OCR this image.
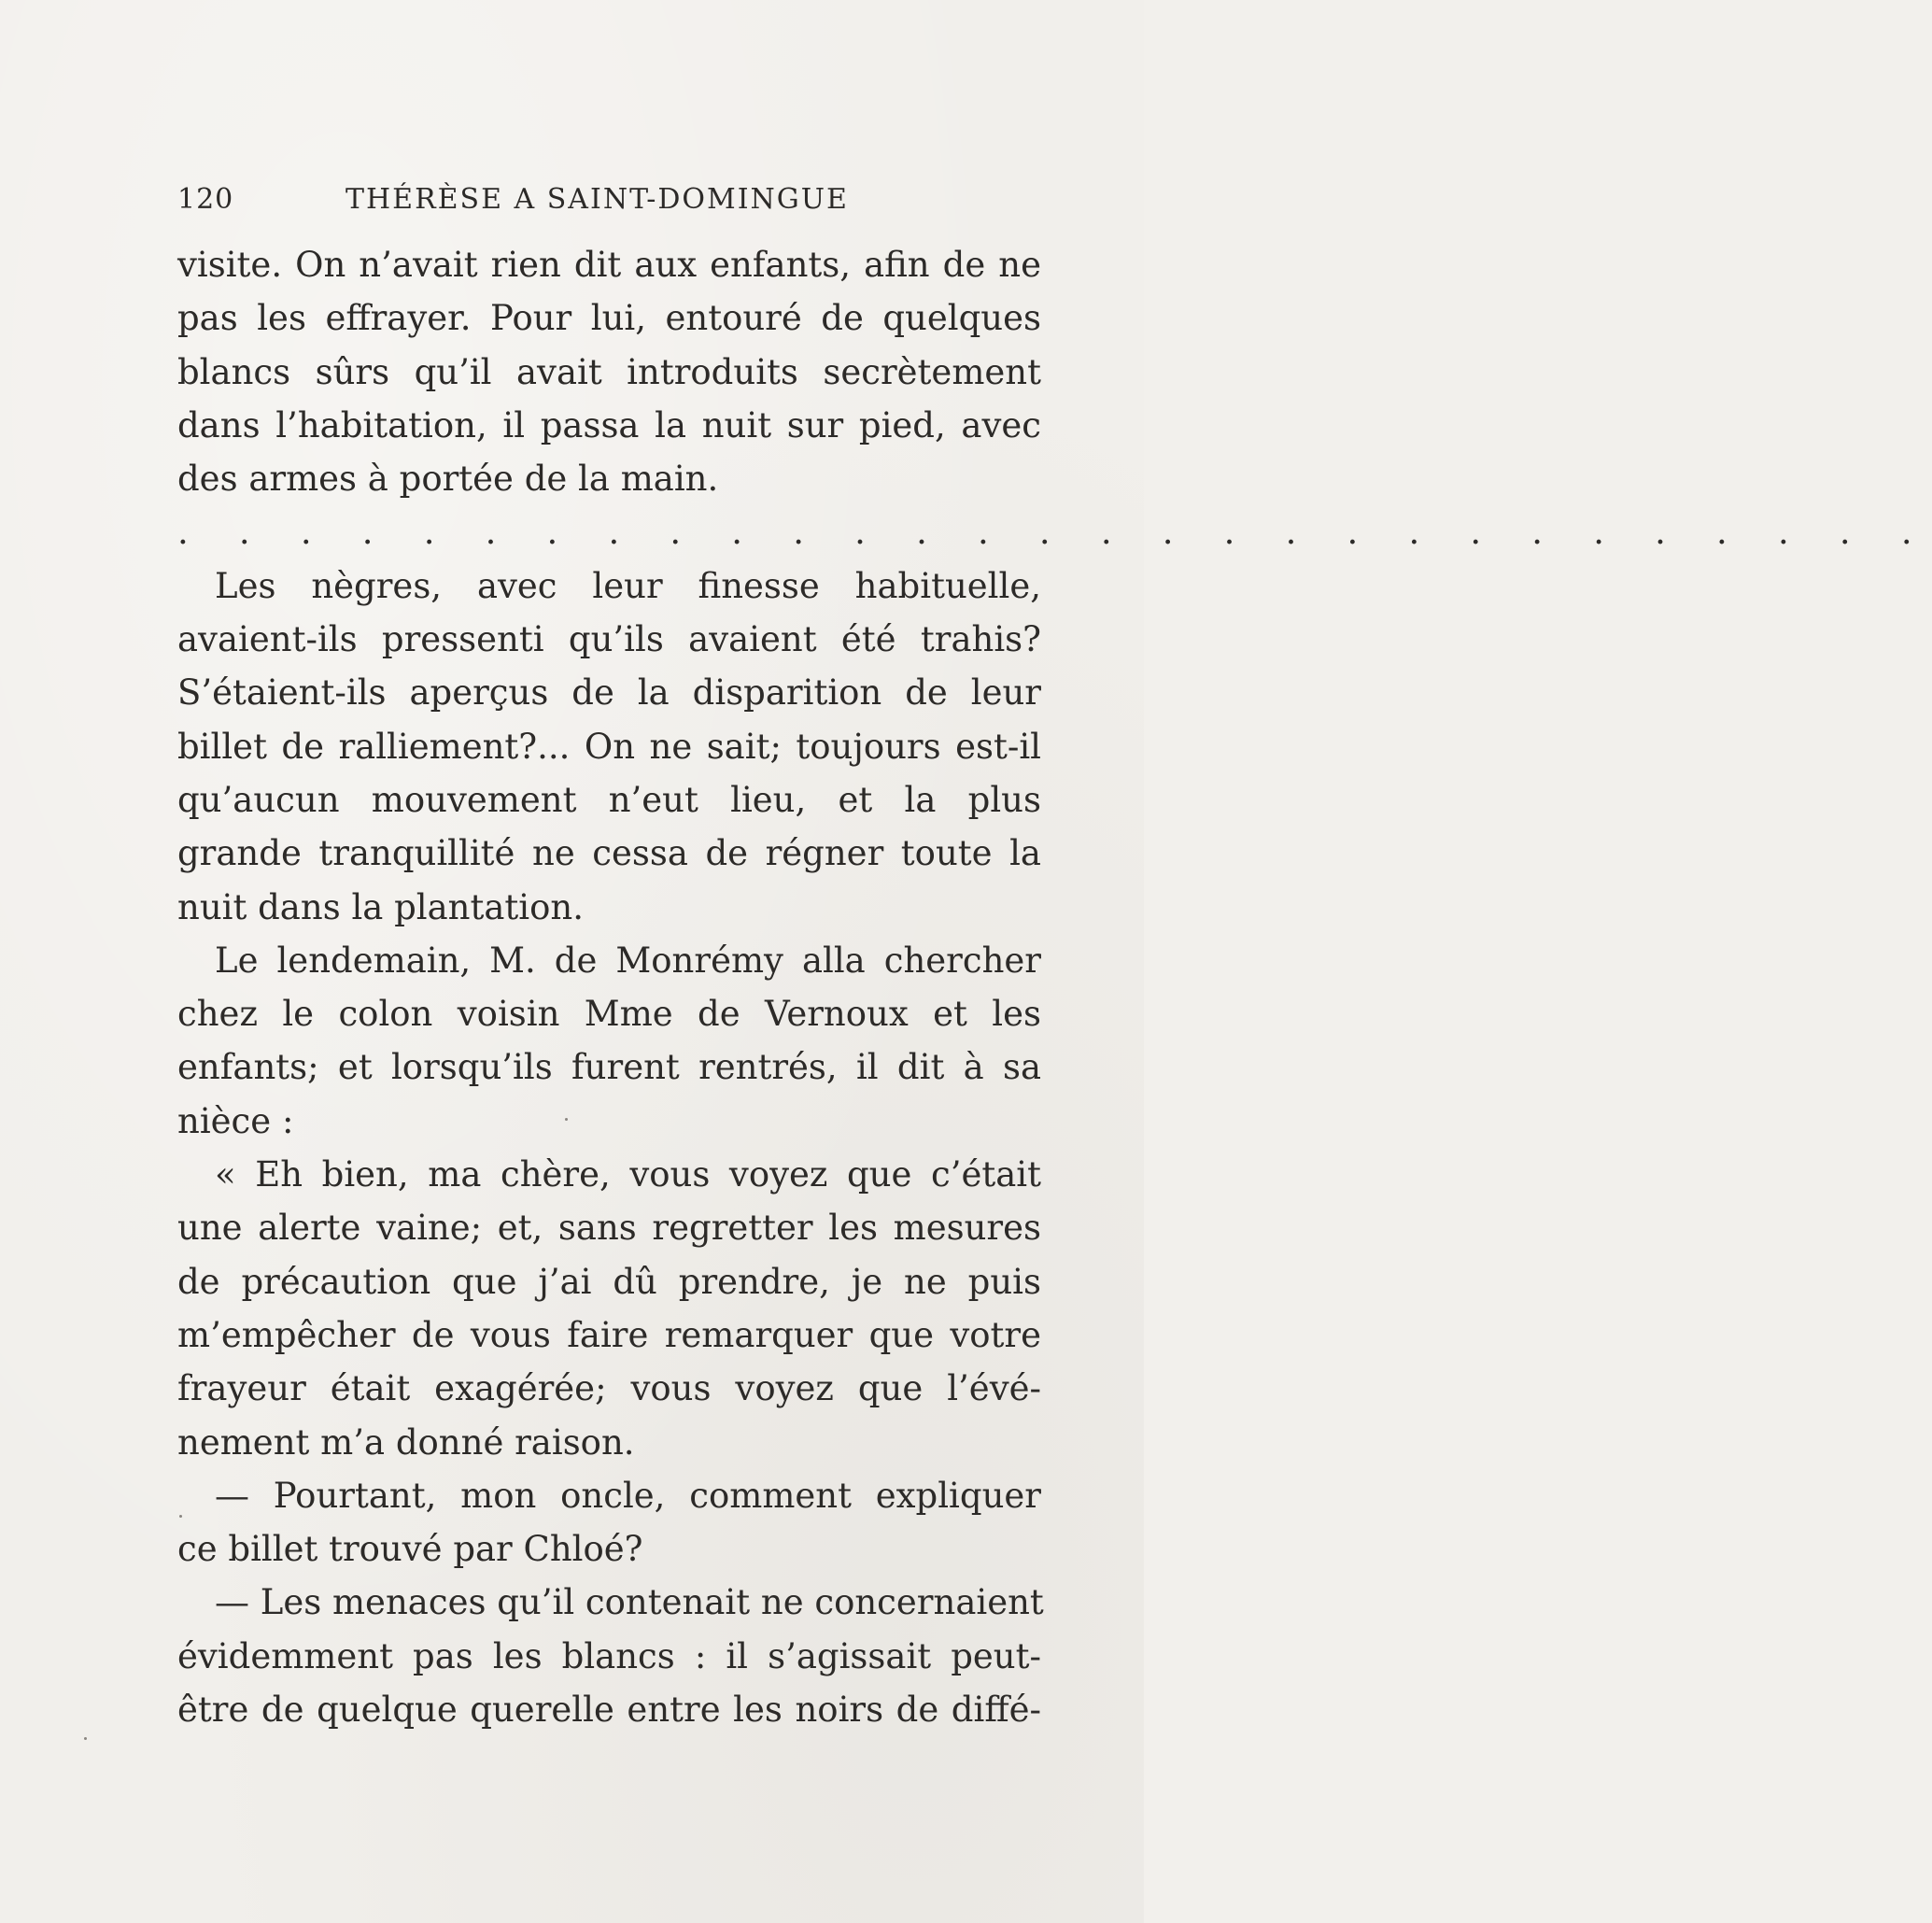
120	THÉRÈSE A SAINT-DOMINGUE
visite. On n’avait rien dit aux enfants, afin de ne
pas les effrayer. Pour lui, entouré de quelques
blancs sûrs qu’il avait introduits secrètement
dans l’habitation, il passa la nuit sur pied, avec
des armes à portée de la main.
. . . . . . . . . . . . . . . . . . . . . . . . . . . . .
Les nègres, avec leur finesse habituelle,
avaient-ils pressenti qu’ils avaient été trahis?
S’étaient-ils aperçus de la disparition de leur
billet de ralliement?... On ne sait; toujours est-il
qu’aucun mouvement n’eut lieu, et la plus
grande tranquillité ne cessa de régner toute la
nuit dans la plantation.
Le lendemain, M. de Monrémy alla chercher
chez le colon voisin Mme de Vernoux et les
enfants; et lorsqu’ils furent rentrés, il dit à sa
nièce :
« Eh bien, ma chère, vous voyez que c’était
une alerte vaine; et, sans regretter les mesures
de précaution que j’ai dû prendre, je ne puis
m’empêcher de vous faire remarquer que votre
frayeur était exagérée; vous voyez que l’évé-
nement m’a donné raison.
— Pourtant, mon oncle, comment expliquer
ce billet trouvé par Chloé?
— Les menaces qu’il contenait ne concernaient
évidemment pas les blancs : il s’agissait peut-
être de quelque querelle entre les noirs de diffé-
